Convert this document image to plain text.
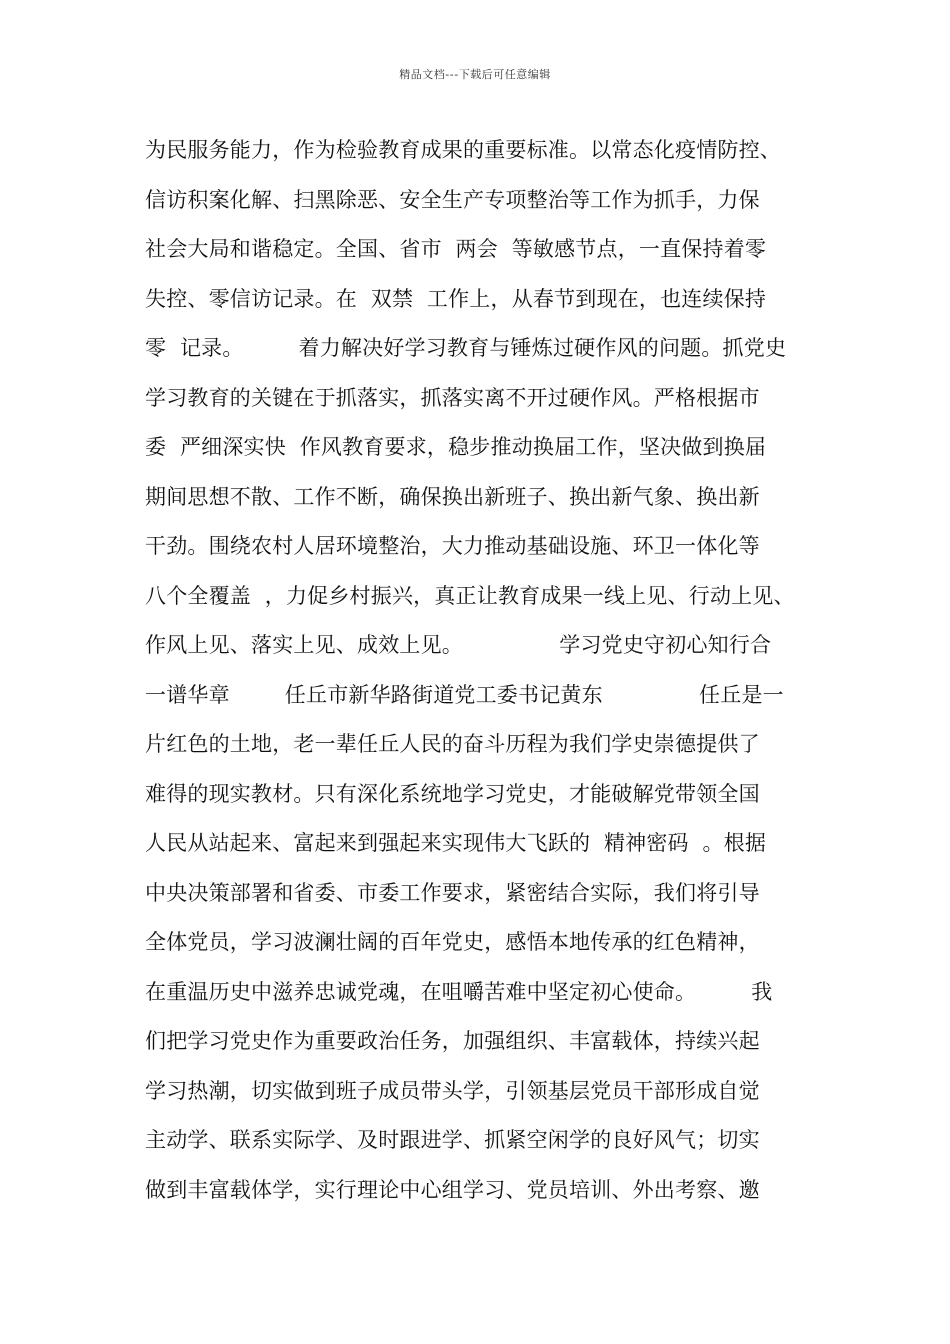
精品文档---下载后可任意编辑
为民服务能力，作为检验教育成果的重要标准。以常态化疫情防控、
信访积案化解、扫黑除恶、安全生产专项整治等工作为抓手，力保
社会大局和谐稳定。全国、省市  两会  等敏感节点，一直保持着零
失控、零信访记录。在  双禁  工作上，从春节到现在，也连续保持
零  记录。        着力解决好学习教育与锤炼过硬作风的问题。抓党史
学习教育的关键在于抓落实，抓落实离不开过硬作风。严格根据市
委  严细深实快  作风教育要求，稳步推动换届工作，坚决做到换届
期间思想不散、工作不断，确保换出新班子、换出新气象、换出新
干劲。围绕农村人居环境整治，大力推动基础设施、环卫一体化等
八个全覆盖  ，力促乡村振兴，真正让教育成果一线上见、行动上见、
作风上见、落实上见、成效上见。              学习党史守初心知行合
一谱华章        任丘市新华路街道党工委书记黄东              任丘是一
片红色的土地，老一辈任丘人民的奋斗历程为我们学史崇德提供了
难得的现实教材。只有深化系统地学习党史，才能破解党带领全国
人民从站起来、富起来到强起来实现伟大飞跃的  精神密码  。根据
中央决策部署和省委、市委工作要求，紧密结合实际，我们将引导
全体党员，学习波澜壮阔的百年党史，感悟本地传承的红色精神，
在重温历史中滋养忠诚党魂，在咀嚼苦难中坚定初心使命。        我
们把学习党史作为重要政治任务，加强组织、丰富载体，持续兴起
学习热潮，切实做到班子成员带头学，引领基层党员干部形成自觉
主动学、联系实际学、及时跟进学、抓紧空闲学的良好风气；切实
做到丰富载体学，实行理论中心组学习、党员培训、外出考察、邀
